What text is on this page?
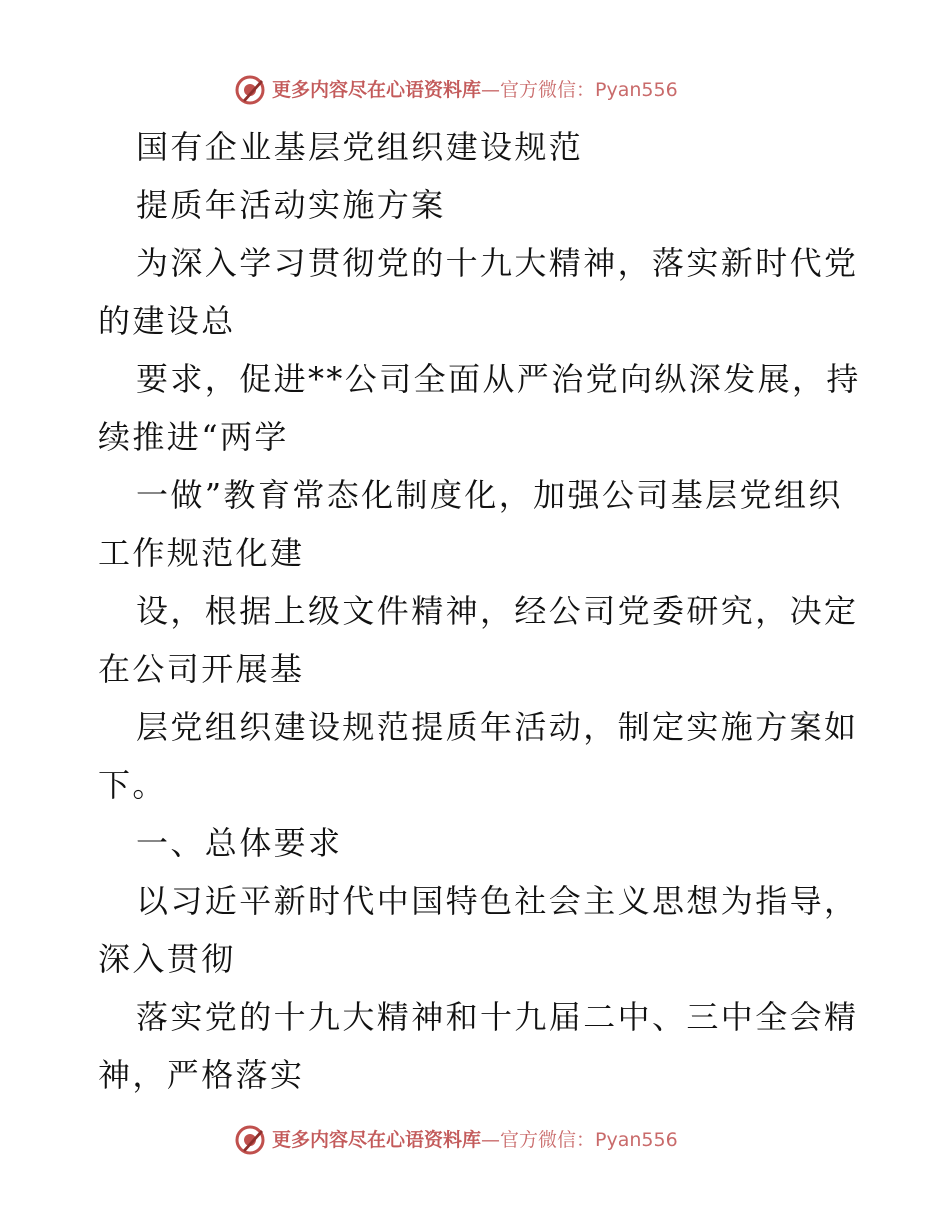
更多内容尽在心语资料库—官方微信：Pyan556
国有企业基层党组织建设规范
提质年活动实施方案
为深入学习贯彻党的十九大精神，落实新时代党
的建设总
要求，促进**公司全面从严治党向纵深发展，持
续推进“两学
一做”教育常态化制度化，加强公司基层党组织
工作规范化建
设，根据上级文件精神，经公司党委研究，决定
在公司开展基
层党组织建设规范提质年活动，制定实施方案如
下。
一、总体要求
以习近平新时代中国特色社会主义思想为指导，
深入贯彻
落实党的十九大精神和十九届二中、三中全会精
神，严格落实
更多内容尽在心语资料库—官方微信：Pyan556
